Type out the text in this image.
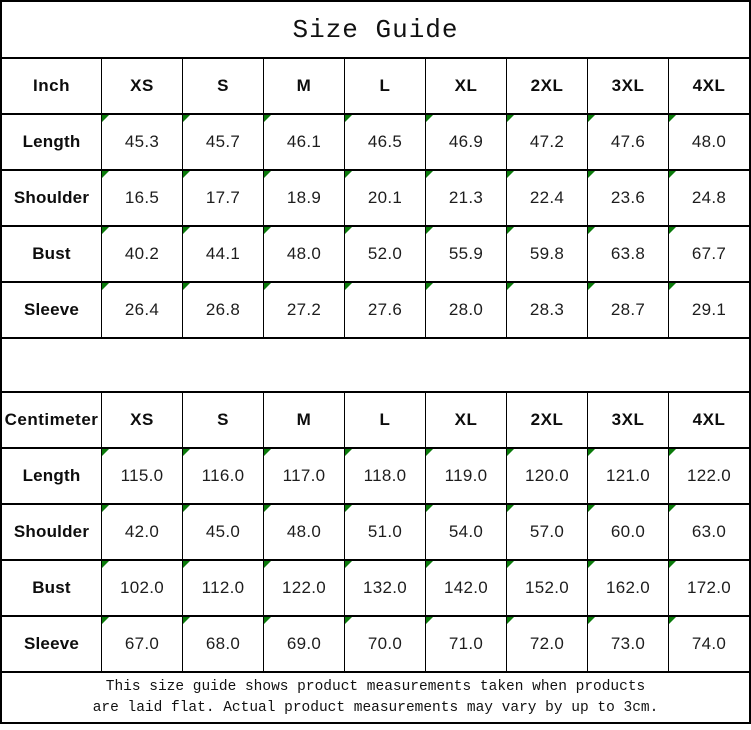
Size Guide
Inch	XS	S	M	L	XL	2XL	3XL	4XL
Length	45.3	45.7	46.1	46.5	46.9	47.2	47.6	48.0
Shoulder 16.5	17.7	18.9	20.1	21.3	22.4	23.6	24.8
Bust	40.2	44.1	48.0	52.0	55.9	59.8	63.8	67.7
Sleeve	26.4	26.8	27.2	27.6	28.0	28.3	28.7	29.1
Centimeter XS	S	M	L	XL	2XL	3XL	4XL
Length 115.0 116.0 117.0 118.0 119.0 120.0 121.0 122.0
Shoulder 42.0	45.0	48.0	51.0	54.0	57.0	60.0	63.0
Bust	102.0 112.0 122.0 132.0 142.0 152.0 162.0 172.0
Sleeve	67.0	68.0	69.0	70.0	71.0	72.0	73.0	74.0
This size guide shows product measurements taken when products
are laid flat. Actual product measurements may vary by up to 3cm.
